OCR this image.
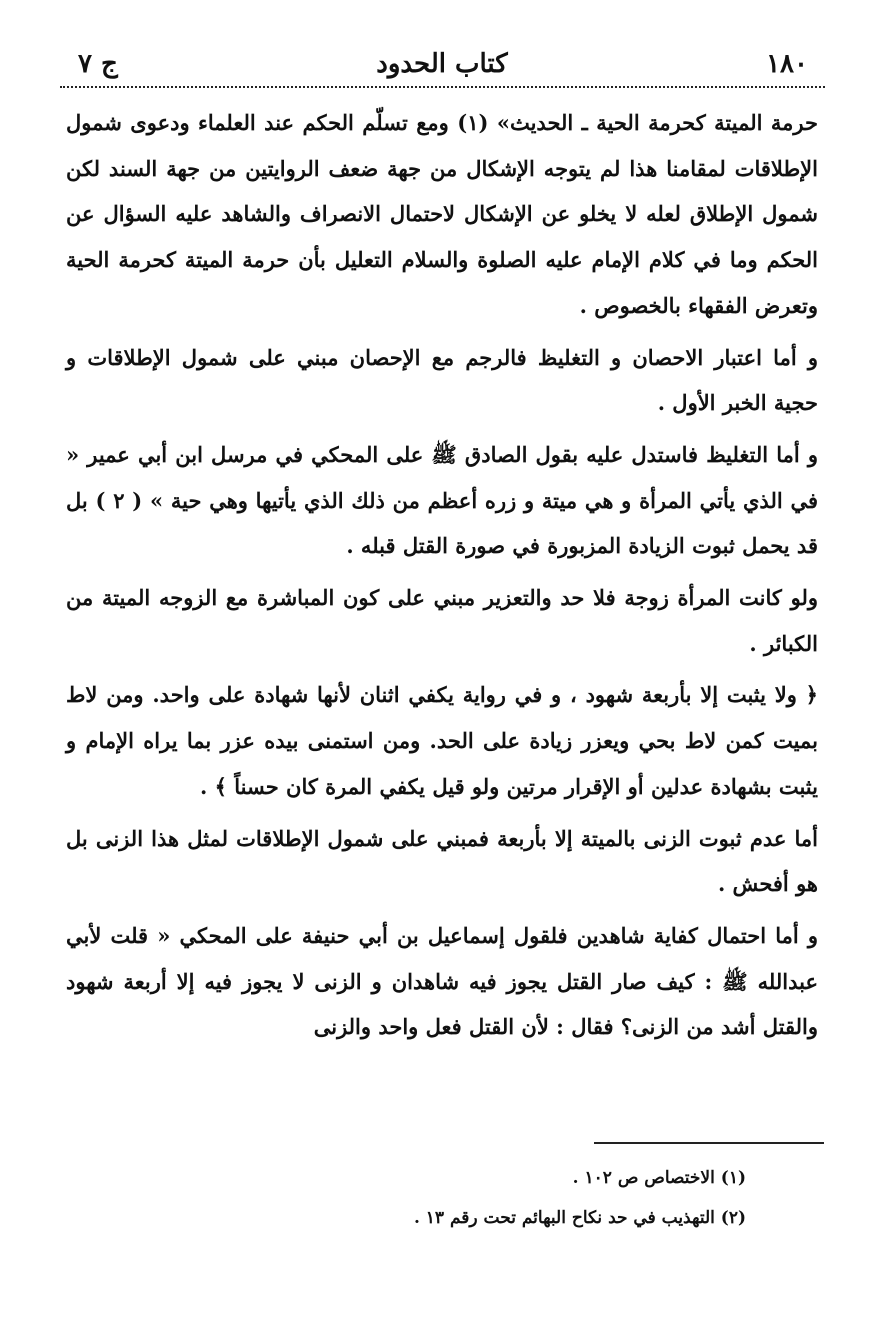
ج ٧	كتاب الحدود	١٨٠

حرمة الميتة كحرمة الحية ـ الحديث» (١) ومع تسلّم الحكم عند العلماء ودعوى شمول الإطلاقات لمقامنا هذا لم يتوجه الإشكال من جهة ضعف الروايتين من جهة السند لكن شمول الإطلاق لعله لا يخلو عن الإشكال لاحتمال الانصراف والشاهد عليه السؤال عن الحكم وما في كلام الإمام عليه الصلوة والسلام التعليل بأن حرمة الميتة كحرمة الحية وتعرض الفقهاء بالخصوص .

و أما اعتبار الاحصان و التغليظ فالرجم مع الإحصان مبني على شمول الإطلاقات و حجية الخبر الأول .

و أما التغليظ فاستدل عليه بقول الصادق ﷺ على المحكي في مرسل ابن أبي عمير « في الذي يأتي المرأة و هي ميتة و زره أعظم من ذلك الذي يأتيها وهي حية » ( ٢ ) بل قد يحمل ثبوت الزيادة المزبورة في صورة القتل قبله .

ولو كانت المرأة زوجة فلا حد والتعزير مبني على كون المباشرة مع الزوجه الميتة من الكبائر .

﴿ ولا يثبت إلا بأربعة شهود ، و في رواية يكفي اثنان لأنها شهادة على واحد. ومن لاط بميت كمن لاط بحي ويعزر زيادة على الحد. ومن استمنى بيده عزر بما يراه الإمام و يثبت بشهادة عدلين أو الإقرار مرتين ولو قيل يكفي المرة كان حسناً ﴾ .

أما عدم ثبوت الزنى بالميتة إلا بأربعة فمبني على شمول الإطلاقات لمثل هذا الزنى بل هو أفحش .

و أما احتمال كفاية شاهدين فلقول إسماعيل بن أبي حنيفة على المحكي « قلت لأبي عبدالله ﷺ : كيف صار القتل يجوز فيه شاهدان و الزنى لا يجوز فيه إلا أربعة شهود والقتل أشد من الزنى؟ فقال : لأن القتل فعل واحد والزنى

(١) الاختصاص ص ١٠٢ .
(٢) التهذيب في حد نكاح البهائم تحت رقم ١٣ .
